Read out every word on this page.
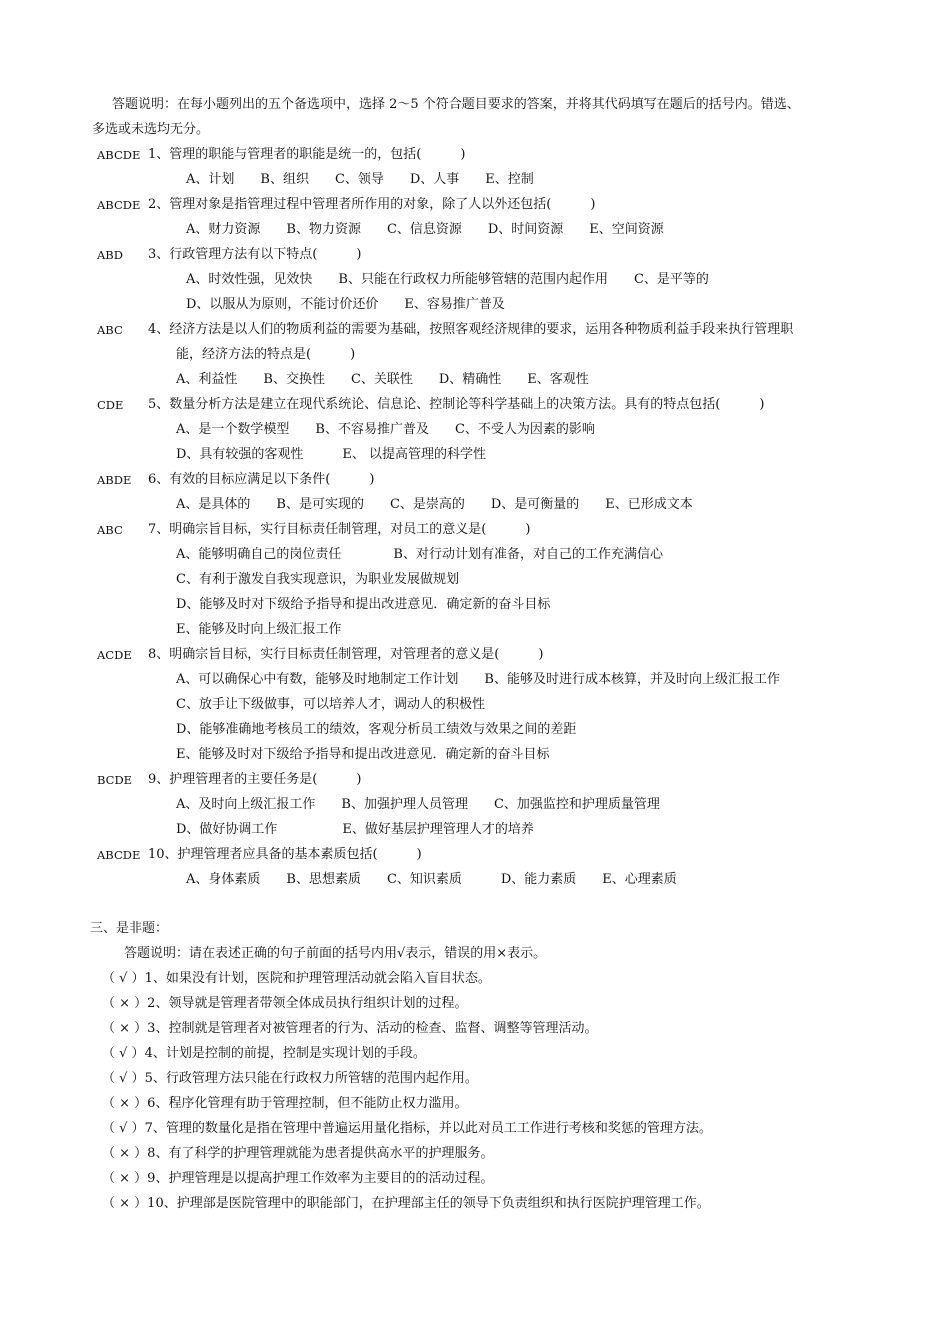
答题说明：在每小题列出的五个备选项中，选择 2～5 个符合题目要求的答案，并将其代码填写在题后的括号内。错选、
多选或未选均无分。
ABCDE 1、管理的职能与管理者的职能是统一的，包括(　　　)
A、计划　　B、组织　　C、领导　　D、人事　　E、控制
ABCDE 2、管理对象是指管理过程中管理者所作用的对象，除了人以外还包括(　　　)
A、财力资源　　B、物力资源　　C、信息资源　　D、时间资源　　E、空间资源
ABD 3、行政管理方法有以下特点(　　　)
A、时效性强，见效快　　B、只能在行政权力所能够管辖的范围内起作用　　C、是平等的
D、以服从为原则，不能讨价还价　　E、容易推广普及
ABC 4、经济方法是以人们的物质利益的需要为基础，按照客观经济规律的要求，运用各种物质利益手段来执行管理职
能，经济方法的特点是(　　　)
A、利益性　　B、交换性　　C、关联性　　D、精确性　　E、客观性
CDE 5、数量分析方法是建立在现代系统论、信息论、控制论等科学基础上的决策方法。具有的特点包括(　　　)
A、是一个数学模型　　B、不容易推广普及　　C、不受人为因素的影响
D、具有较强的客观性　　　E、 以提高管理的科学性
ABDE 6、有效的目标应满足以下条件(　　　)
A、是具体的　　B、是可实现的　　C、是崇高的　　D、是可衡量的　　E、已形成文本
ABC 7、明确宗旨目标，实行目标责任制管理，对员工的意义是(　　　)
A、能够明确自己的岗位责任　　　　B、对行动计划有准备，对自己的工作充满信心
C、有利于激发自我实现意识，为职业发展做规划
D、能够及时对下级给予指导和提出改进意见．确定新的奋斗目标
E、能够及时向上级汇报工作
ACDE 8、明确宗旨目标，实行目标责任制管理，对管理者的意义是(　　　)
A、可以确保心中有数，能够及时地制定工作计划　　B、能够及时进行成本核算，并及时向上级汇报工作
C、放手让下级做事，可以培养人才，调动人的积极性
D、能够准确地考核员工的绩效，客观分析员工绩效与效果之间的差距
E、能够及时对下级给予指导和提出改进意见．确定新的奋斗目标
BCDE 9、护理管理者的主要任务是(　　　)
A、及时向上级汇报工作　　B、加强护理人员管理　　C、加强监控和护理质量管理
D、做好协调工作　　　　　E、做好基层护理管理人才的培养
ABCDE 10、护理管理者应具备的基本素质包括(　　　)
A、身体素质　　B、思想素质　　C、知识素质　　　D、能力素质　　E、心理素质
三、是非题：
答题说明：请在表述正确的句子前面的括号内用√表示，错误的用×表示。
（ √ ）1、如果没有计划，医院和护理管理活动就会陷入盲目状态。
（ × ）2、领导就是管理者带领全体成员执行组织计划的过程。
（ × ）3、控制就是管理者对被管理者的行为、活动的检查、监督、调整等管理活动。
（ √ ）4、计划是控制的前提，控制是实现计划的手段。
（ √ ）5、行政管理方法只能在行政权力所管辖的范围内起作用。
（ × ）6、程序化管理有助于管理控制，但不能防止权力滥用。
（ √ ）7、管理的数量化是指在管理中普遍运用量化指标，并以此对员工工作进行考核和奖惩的管理方法。
（ × ）8、有了科学的护理管理就能为患者提供高水平的护理服务。
（ × ）9、护理管理是以提高护理工作效率为主要目的的活动过程。
（ × ）10、护理部是医院管理中的职能部门，在护理部主任的领导下负责组织和执行医院护理管理工作。
